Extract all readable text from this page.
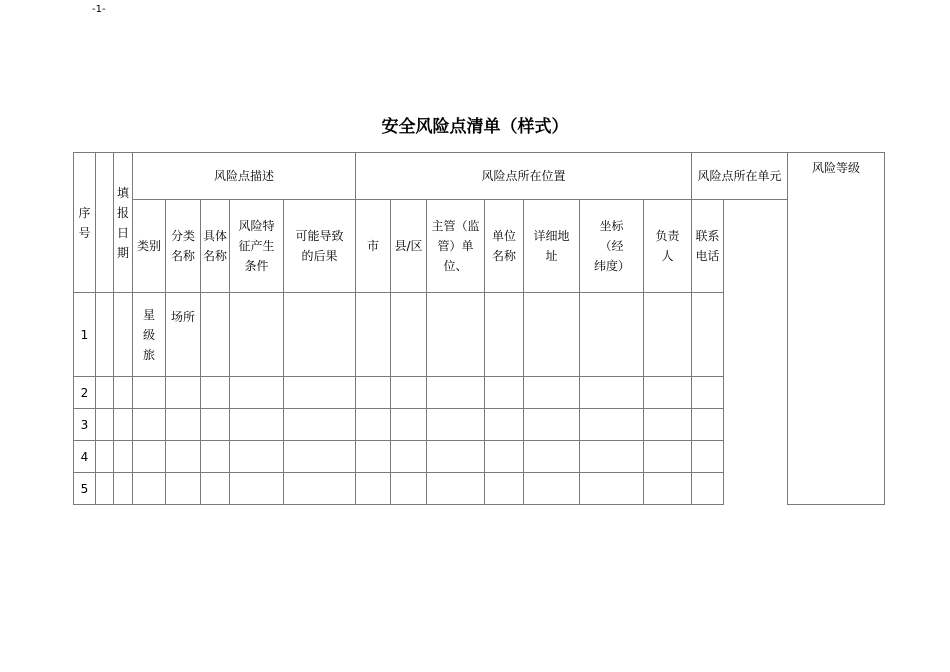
-1-
安全风险点清单（样式）
序号		填报日期	风险点描述					风险点所在位置							风险点所在单元	风险等级	
			类别	分类名称	具体名称	风险特征产生条件	可能导致的后果	市	县/区	主管（监管）单位、	单位名称	详细地址	坐标（经纬度）	负责人	联系电话		
1			星级旅	场所													
2																	
3																	
4																	
5																	
